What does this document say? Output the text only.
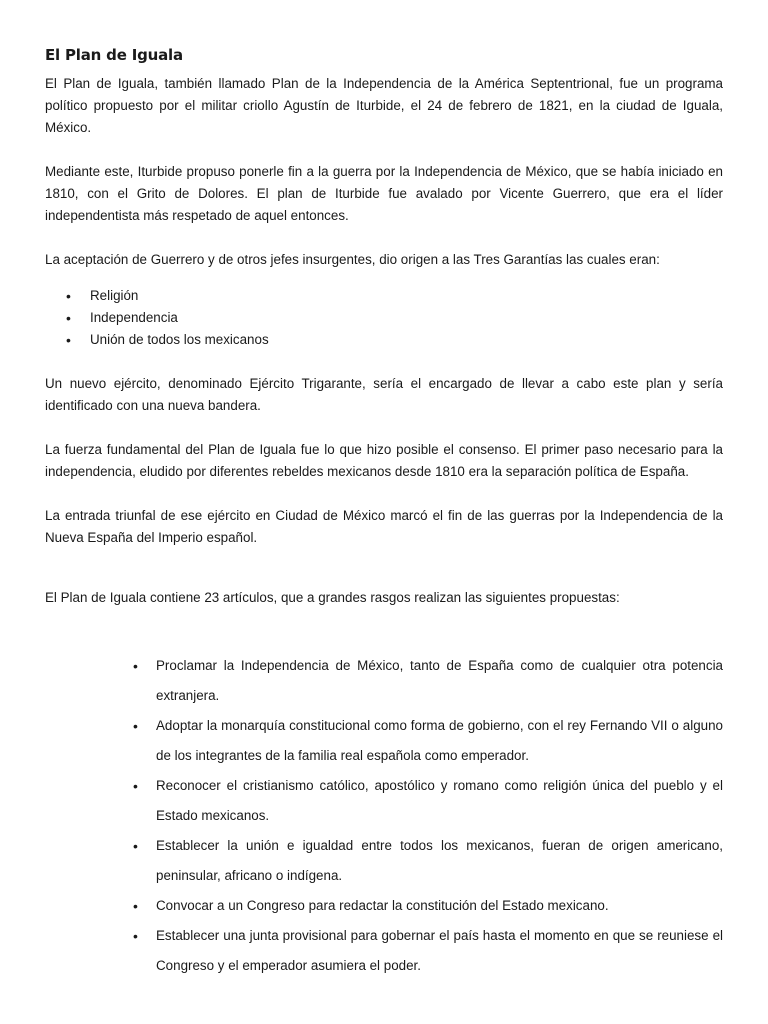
El Plan de Iguala

El Plan de Iguala, también llamado Plan de la Independencia de la América Septentrional, fue un programa político propuesto por el militar criollo Agustín de Iturbide, el 24 de febrero de 1821, en la ciudad de Iguala, México.

Mediante este, Iturbide propuso ponerle fin a la guerra por la Independencia de México, que se había iniciado en 1810, con el Grito de Dolores. El plan de Iturbide fue avalado por Vicente Guerrero, que era el líder independentista más respetado de aquel entonces.

La aceptación de Guerrero y de otros jefes insurgentes, dio origen a las Tres Garantías las cuales eran:

• Religión
• Independencia
• Unión de todos los mexicanos

Un nuevo ejército, denominado Ejército Trigarante, sería el encargado de llevar a cabo este plan y sería identificado con una nueva bandera.

La fuerza fundamental del Plan de Iguala fue lo que hizo posible el consenso. El primer paso necesario para la independencia, eludido por diferentes rebeldes mexicanos desde 1810 era la separación política de España.

La entrada triunfal de ese ejército en Ciudad de México marcó el fin de las guerras por la Independencia de la Nueva España del Imperio español.

El Plan de Iguala contiene 23 artículos, que a grandes rasgos realizan las siguientes propuestas:

• Proclamar la Independencia de México, tanto de España como de cualquier otra potencia extranjera.
• Adoptar la monarquía constitucional como forma de gobierno, con el rey Fernando VII o alguno de los integrantes de la familia real española como emperador.
• Reconocer el cristianismo católico, apostólico y romano como religión única del pueblo y el Estado mexicanos.
• Establecer la unión e igualdad entre todos los mexicanos, fueran de origen americano, peninsular, africano o indígena.
• Convocar a un Congreso para redactar la constitución del Estado mexicano.
• Establecer una junta provisional para gobernar el país hasta el momento en que se reuniese el Congreso y el emperador asumiera el poder.
